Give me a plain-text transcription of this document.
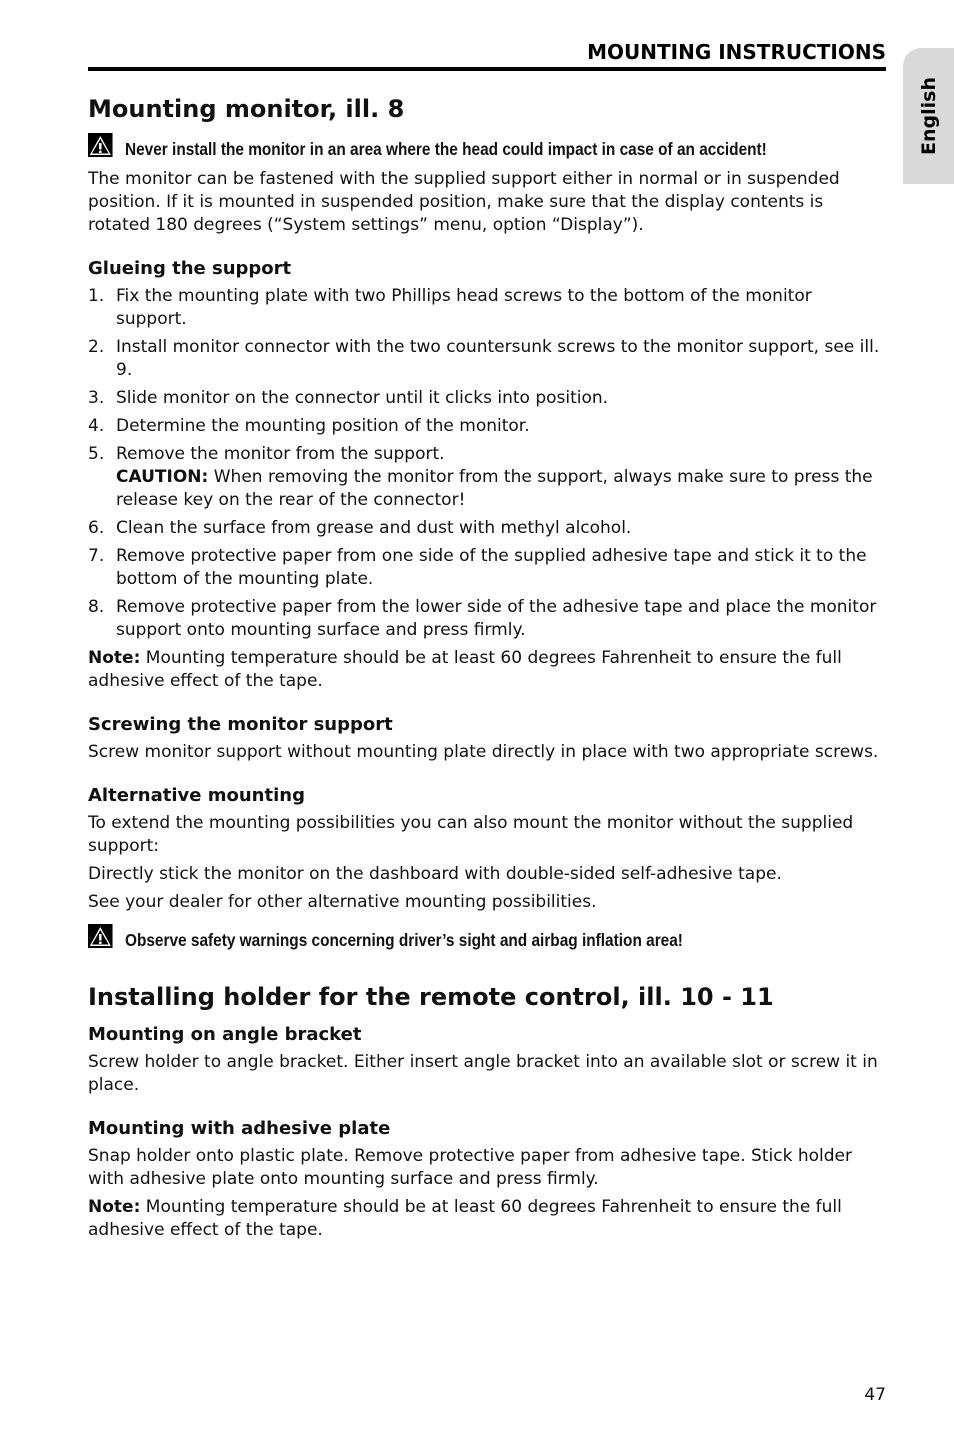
MOUNTING INSTRUCTIONS
English
Mounting monitor, ill. 8

Never install the monitor in an area where the head could impact in case of an accident!

The monitor can be fastened with the supplied support either in normal or in suspended position. If it is mounted in suspended position, make sure that the display contents is rotated 180 degrees (“System settings” menu, option “Display”).

Glueing the support
1. Fix the mounting plate with two Phillips head screws to the bottom of the monitor support.
2. Install monitor connector with the two countersunk screws to the monitor support, see ill. 9.
3. Slide monitor on the connector until it clicks into position.
4. Determine the mounting position of the monitor.
5. Remove the monitor from the support.
CAUTION: When removing the monitor from the support, always make sure to press the release key on the rear of the connector!
6. Clean the surface from grease and dust with methyl alcohol.
7. Remove protective paper from one side of the supplied adhesive tape and stick it to the bottom of the mounting plate.
8. Remove protective paper from the lower side of the adhesive tape and place the monitor support onto mounting surface and press firmly.

Note: Mounting temperature should be at least 60 degrees Fahrenheit to ensure the full adhesive effect of the tape.

Screwing the monitor support

Screw monitor support without mounting plate directly in place with two appropriate screws.

Alternative mounting

To extend the mounting possibilities you can also mount the monitor without the supplied support:

Directly stick the monitor on the dashboard with double-sided self-adhesive tape.

See your dealer for other alternative mounting possibilities.

Observe safety warnings concerning driver’s sight and airbag inflation area!

Installing holder for the remote control, ill. 10 - 11
Mounting on angle bracket

Screw holder to angle bracket. Either insert angle bracket into an available slot or screw it in place.

Mounting with adhesive plate

Snap holder onto plastic plate. Remove protective paper from adhesive tape. Stick holder with adhesive plate onto mounting surface and press firmly.

Note: Mounting temperature should be at least 60 degrees Fahrenheit to ensure the full adhesive effect of the tape.

47
